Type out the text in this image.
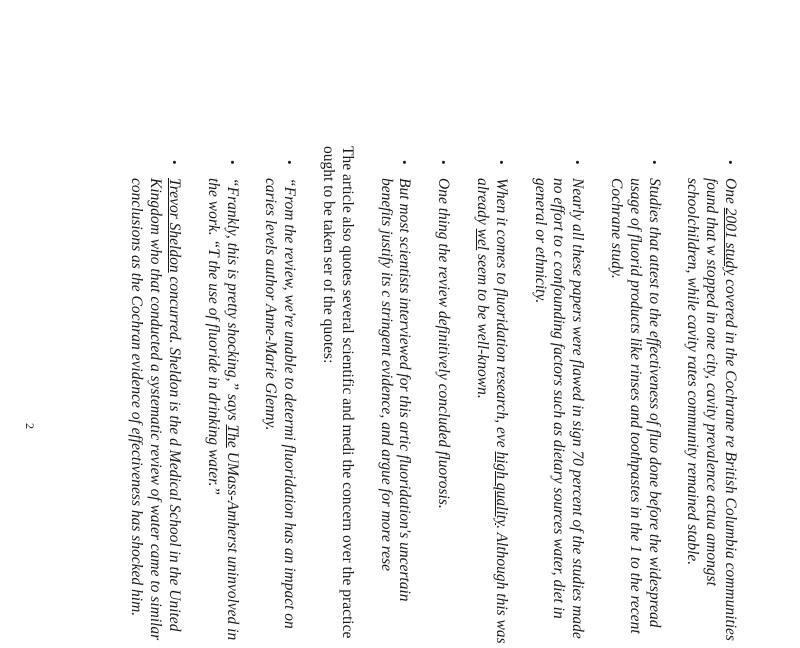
•
One 2001 study covered in the Cochrane re British Columbia communities found that w stopped in one city, cavity prevalence actua amongst schoolchildren, while cavity rates community remained stable.
•
Studies that attest to the effectiveness of fluo done before the widespread usage of fluorid products like rinses and toothpastes in the 1 to the recent Cochrane study.
•
Nearly all these papers were flawed in sign 70 percent of the studies made no effort to c confounding factors such as dietary sources water, diet in general or ethnicity.
•
When it comes to fluoridation research, eve high quality. Although this was already wel seem to be well-known.
•
One thing the review definitively concluded fluorosis.
•
But most scientists interviewed for this artic fluoridation's uncertain benefits justify its c stringent evidence, and argue for more rese

The article also quotes several scientific and medi the concern over the practice ought to be taken ser of the quotes:

•
“From the review, we're unable to determi fluoridation has an impact on caries levels author Anne-Marie Glenny.
•
“Frankly, this is pretty shocking,” says The UMass-Amherst uninvolved in the work. “T the use of fluoride in drinking water.”
•
Trevor Sheldon concurred. Sheldon is the d Medical School in the United Kingdom who that conducted a systematic review of water came to similar conclusions as the Cochran evidence of effectiveness has shocked him.
2
